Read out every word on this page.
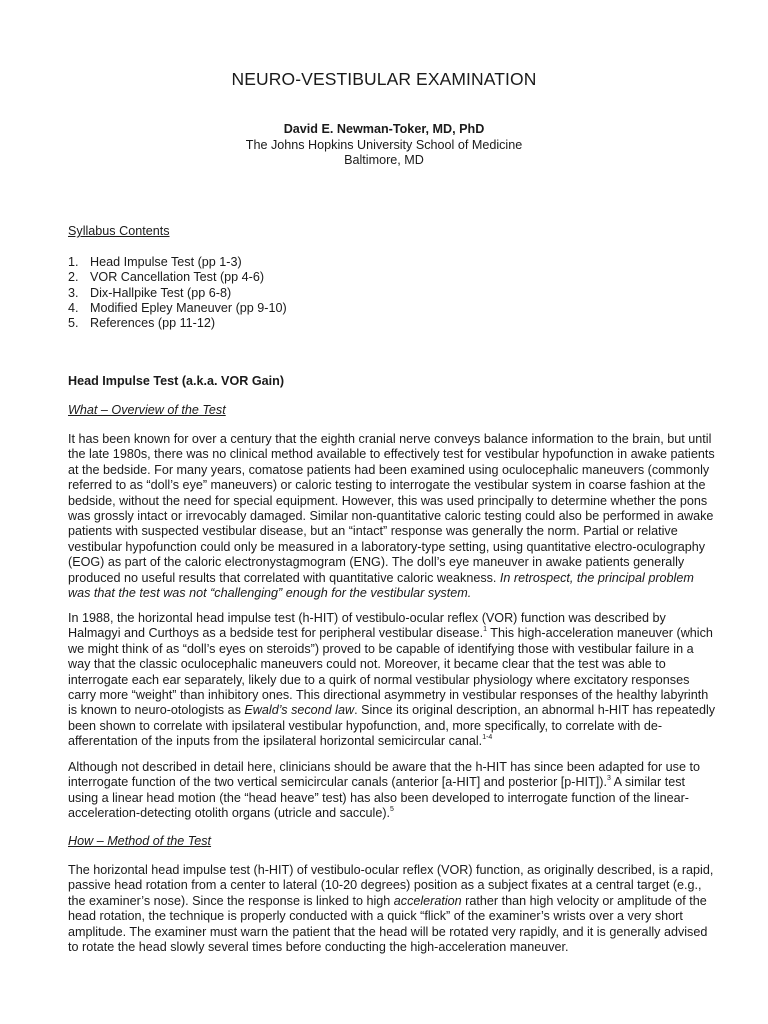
NEURO-VESTIBULAR EXAMINATION
David E. Newman-Toker, MD, PhD
The Johns Hopkins University School of Medicine
Baltimore, MD
Syllabus Contents
1. Head Impulse Test (pp 1-3)
2. VOR Cancellation Test (pp 4-6)
3. Dix-Hallpike Test (pp 6-8)
4. Modified Epley Maneuver (pp 9-10)
5. References (pp 11-12)
Head Impulse Test (a.k.a. VOR Gain)
What – Overview of the Test

It has been known for over a century that the eighth cranial nerve conveys balance information to the brain, but until the late 1980s, there was no clinical method available to effectively test for vestibular hypofunction in awake patients at the bedside. For many years, comatose patients had been examined using oculocephalic maneuvers (commonly referred to as “doll’s eye” maneuvers) or caloric testing to interrogate the vestibular system in coarse fashion at the bedside, without the need for special equipment. However, this was used principally to determine whether the pons was grossly intact or irrevocably damaged. Similar non-quantitative caloric testing could also be performed in awake patients with suspected vestibular disease, but an “intact” response was generally the norm. Partial or relative vestibular hypofunction could only be measured in a laboratory-type setting, using quantitative electro-oculography (EOG) as part of the caloric electronystagmogram (ENG). The doll’s eye maneuver in awake patients generally produced no useful results that correlated with quantitative caloric weakness. In retrospect, the principal problem was that the test was not “challenging” enough for the vestibular system.

In 1988, the horizontal head impulse test (h-HIT) of vestibulo-ocular reflex (VOR) function was described by Halmagyi and Curthoys as a bedside test for peripheral vestibular disease.$^1$ This high-acceleration maneuver (which we might think of as “doll’s eyes on steroids”) proved to be capable of identifying those with vestibular failure in a way that the classic oculocephalic maneuvers could not. Moreover, it became clear that the test was able to interrogate each ear separately, likely due to a quirk of normal vestibular physiology where excitatory responses carry more “weight” than inhibitory ones. This directional asymmetry in vestibular responses of the healthy labyrinth is known to neuro-otologists as Ewald’s second law. Since its original description, an abnormal h-HIT has repeatedly been shown to correlate with ipsilateral vestibular hypofunction, and, more specifically, to correlate with de-afferentation of the inputs from the ipsilateral horizontal semicircular canal.$^{1-4}$

Although not described in detail here, clinicians should be aware that the h-HIT has since been adapted for use to interrogate function of the two vertical semicircular canals (anterior [a-HIT] and posterior [p-HIT]).$^3$ A similar test using a linear head motion (the “head heave” test) has also been developed to interrogate function of the linear-acceleration-detecting otolith organs (utricle and saccule).$^5$

How – Method of the Test

The horizontal head impulse test (h-HIT) of vestibulo-ocular reflex (VOR) function, as originally described, is a rapid, passive head rotation from a center to lateral (10-20 degrees) position as a subject fixates at a central target (e.g., the examiner’s nose). Since the response is linked to high acceleration rather than high velocity or amplitude of the head rotation, the technique is properly conducted with a quick “flick” of the examiner’s wrists over a very short amplitude. The examiner must warn the patient that the head will be rotated very rapidly, and it is generally advised to rotate the head slowly several times before conducting the high-acceleration maneuver.
